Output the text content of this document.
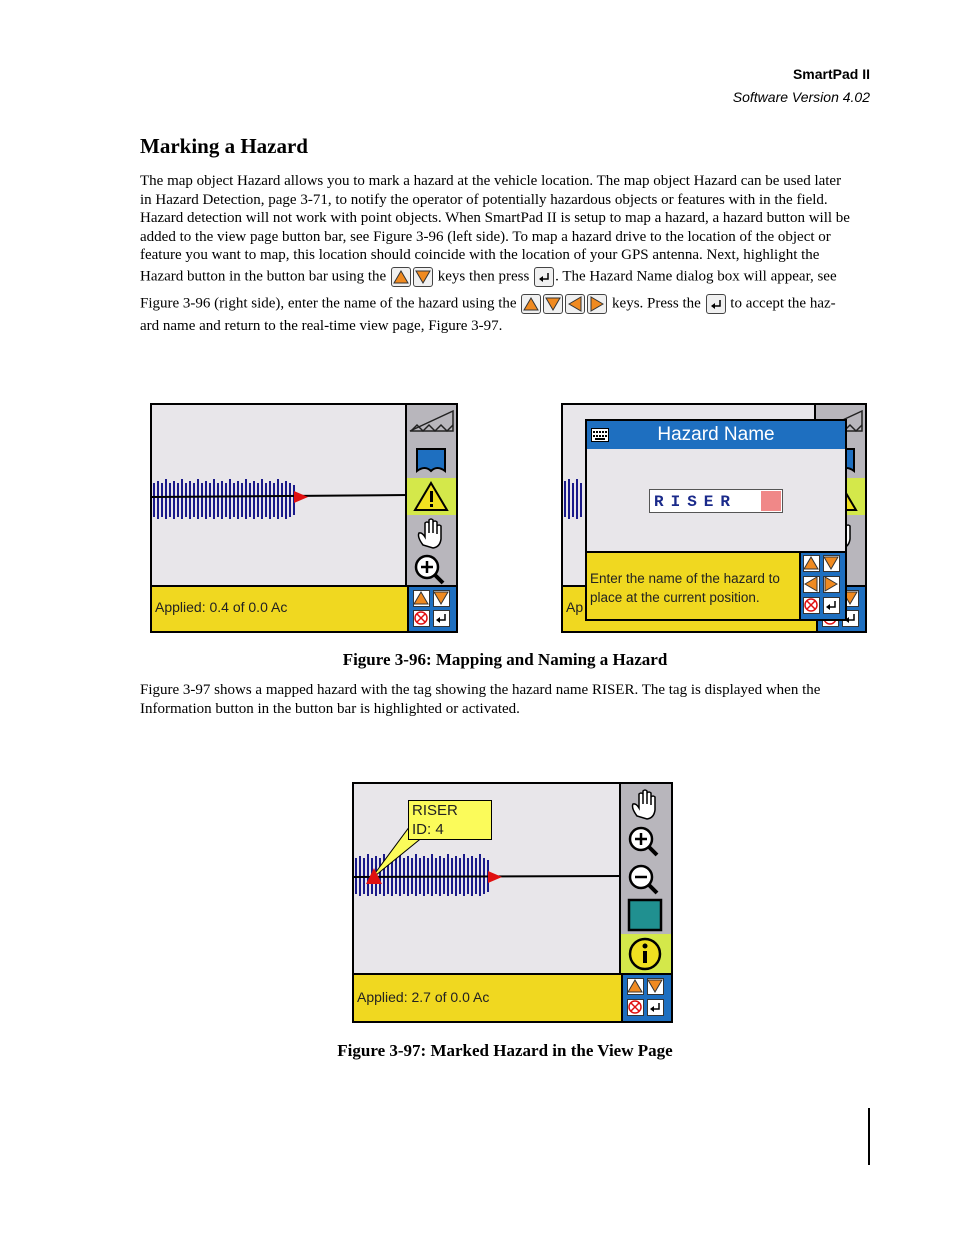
SmartPad II
Software Version 4.02
Marking a Hazard
The map object Hazard allows you to mark a hazard at the vehicle location. The map object Hazard can be used later
in Hazard Detection, page 3-71, to notify the operator of potentially hazardous objects or features with in the field.
Hazard detection will not work with point objects. When SmartPad II is setup to map a hazard, a hazard button will be
added to the view page button bar, see Figure 3-96 (left side). To map a hazard drive to the location of the object or
feature you want to map, this location should coincide with the location of your GPS antenna. Next, highlight the
Hazard button in the button bar using the	keys then press . The Hazard Name dialog box will appear, see
Figure 3-96 (right side), enter the name of the hazard using the	keys. Press the to accept the haz-
ard name and return to the real-time view page, Figure 3-97.
Applied: 0.4 of 0.0 Ac	Ap
Hazard Name
RISER
Enter the name of the hazard to
place at the current position.
Figure 3-96: Mapping and Naming a Hazard
Figure 3-97 shows a mapped hazard with the tag showing the hazard name RISER. The tag is displayed when the
Information button in the button bar is highlighted or activated.
RISER
ID: 4
Applied: 2.7 of 0.0 Ac
Figure 3-97: Marked Hazard in the View Page
